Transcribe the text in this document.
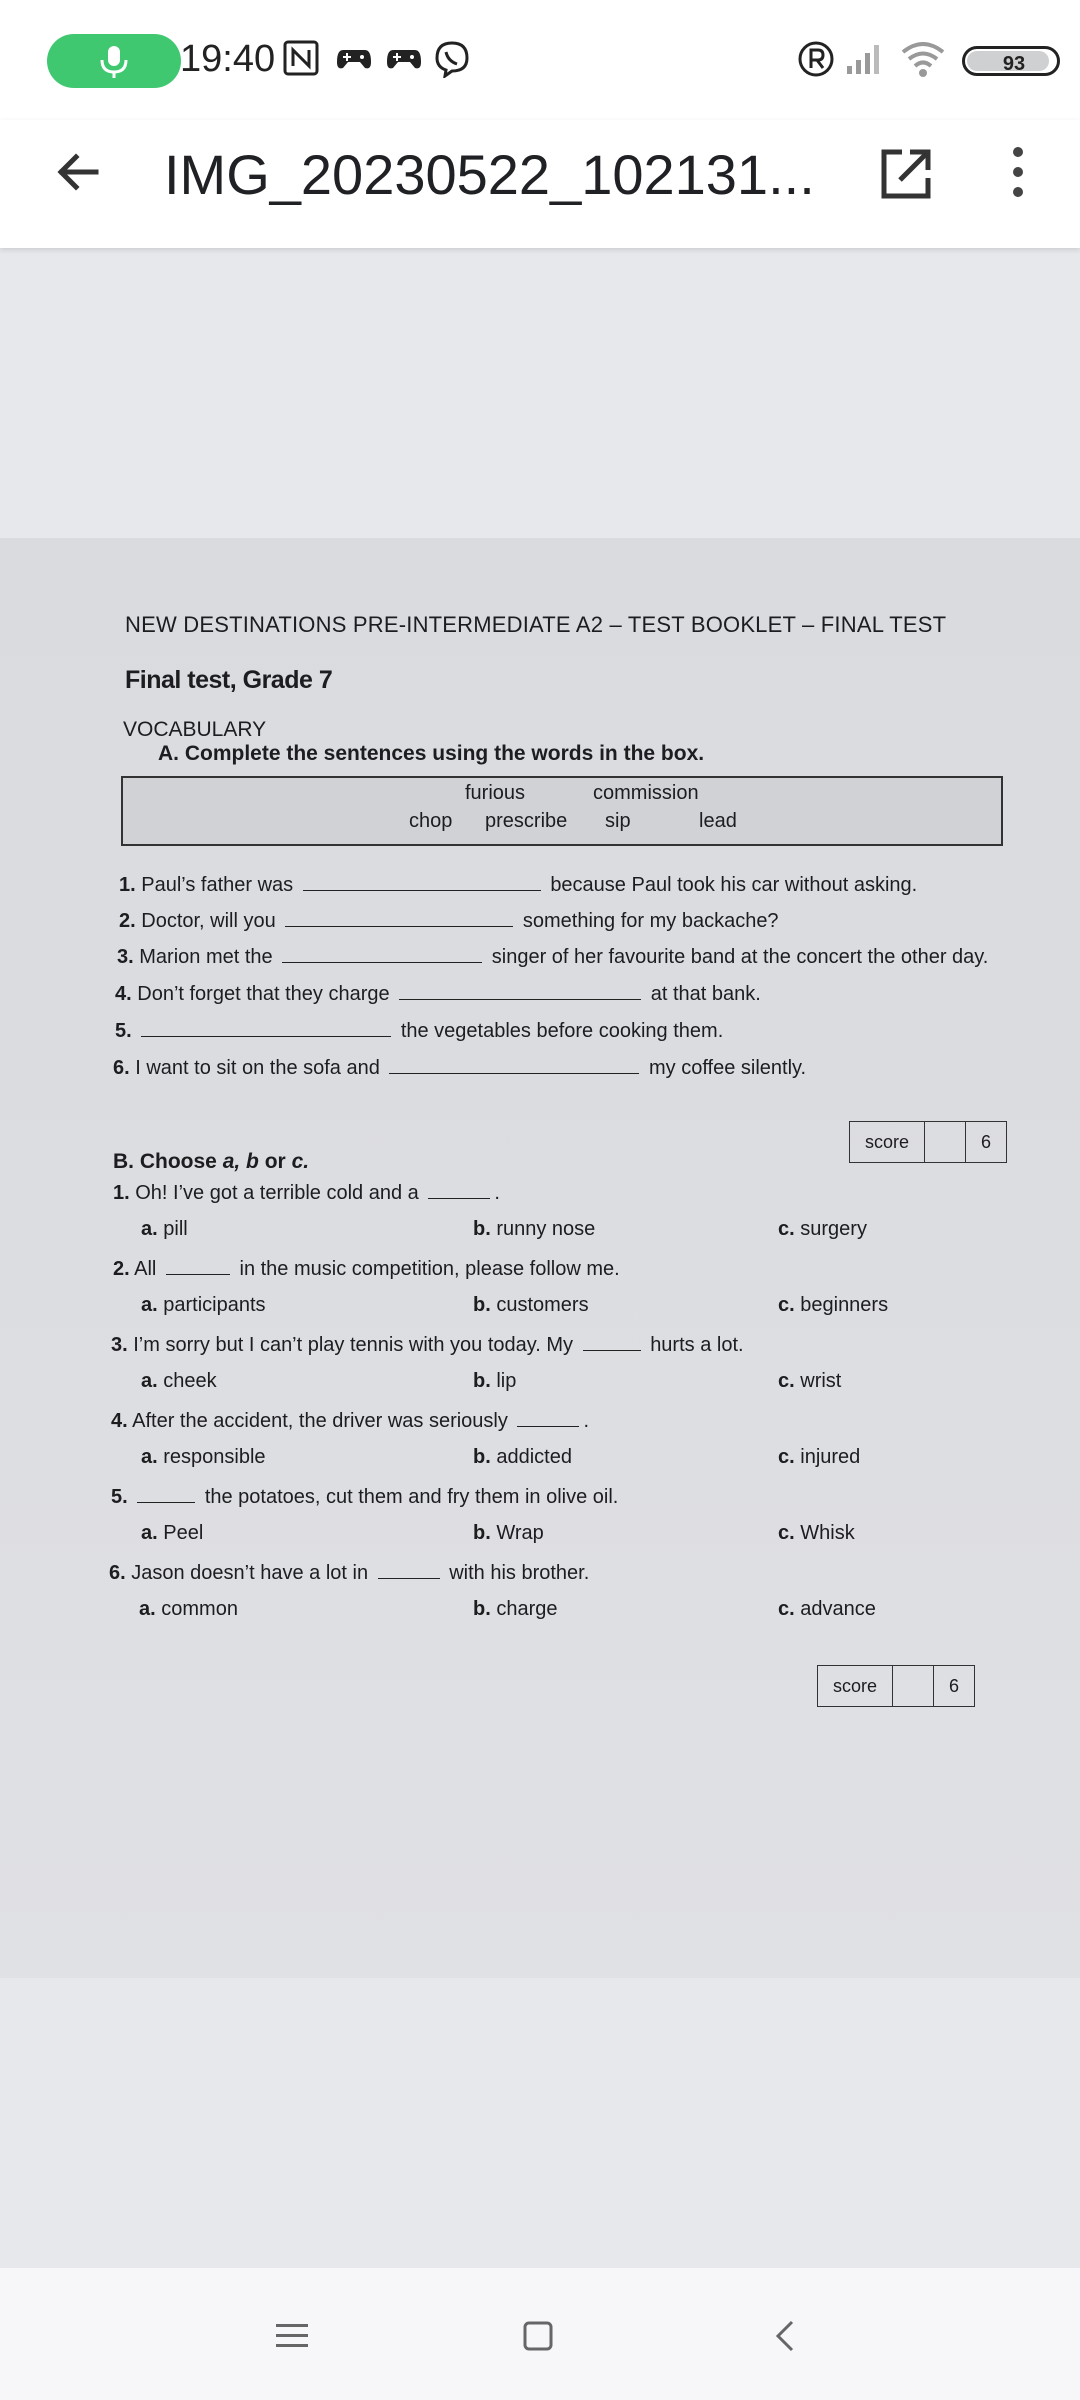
19:40	93
IMG_20230522_102131...
NEW DESTINATIONS PRE-INTERMEDIATE A2 – TEST BOOKLET – FINAL TEST
Final test, Grade 7
VOCABULARY
A. Complete the sentences using the words in the box.
furious	commission
chop prescribe sip	lead
1. Paul’s father was	because Paul took his car without asking.
2. Doctor, will you	something for my backache?
3. Marion met the	singer of her favourite band at the concert the other day.
4. Don’t forget that they charge	at that bank.
5.	the vegetables before cooking them.
6. I want to sit on the sofa and	my coffee silently.
score	6
B. Choose a, b or c.
1. Oh! I’ve got a terrible cold and a	.
a. pill	b. runny nose	c. surgery
2. All	in the music competition, please follow me.
a. participants	b. customers	c. beginners
3. I’m sorry but I can’t play tennis with you today. My	hurts a lot.
a. cheek	b. lip	c. wrist
4. After the accident, the driver was seriously	.
a. responsible	b. addicted	c. injured
5.	the potatoes, cut them and fry them in olive oil.
a. Peel	b. Wrap	c. Whisk
6. Jason doesn’t have a lot in	with his brother.
a. common	b. charge	c. advance
score	6
